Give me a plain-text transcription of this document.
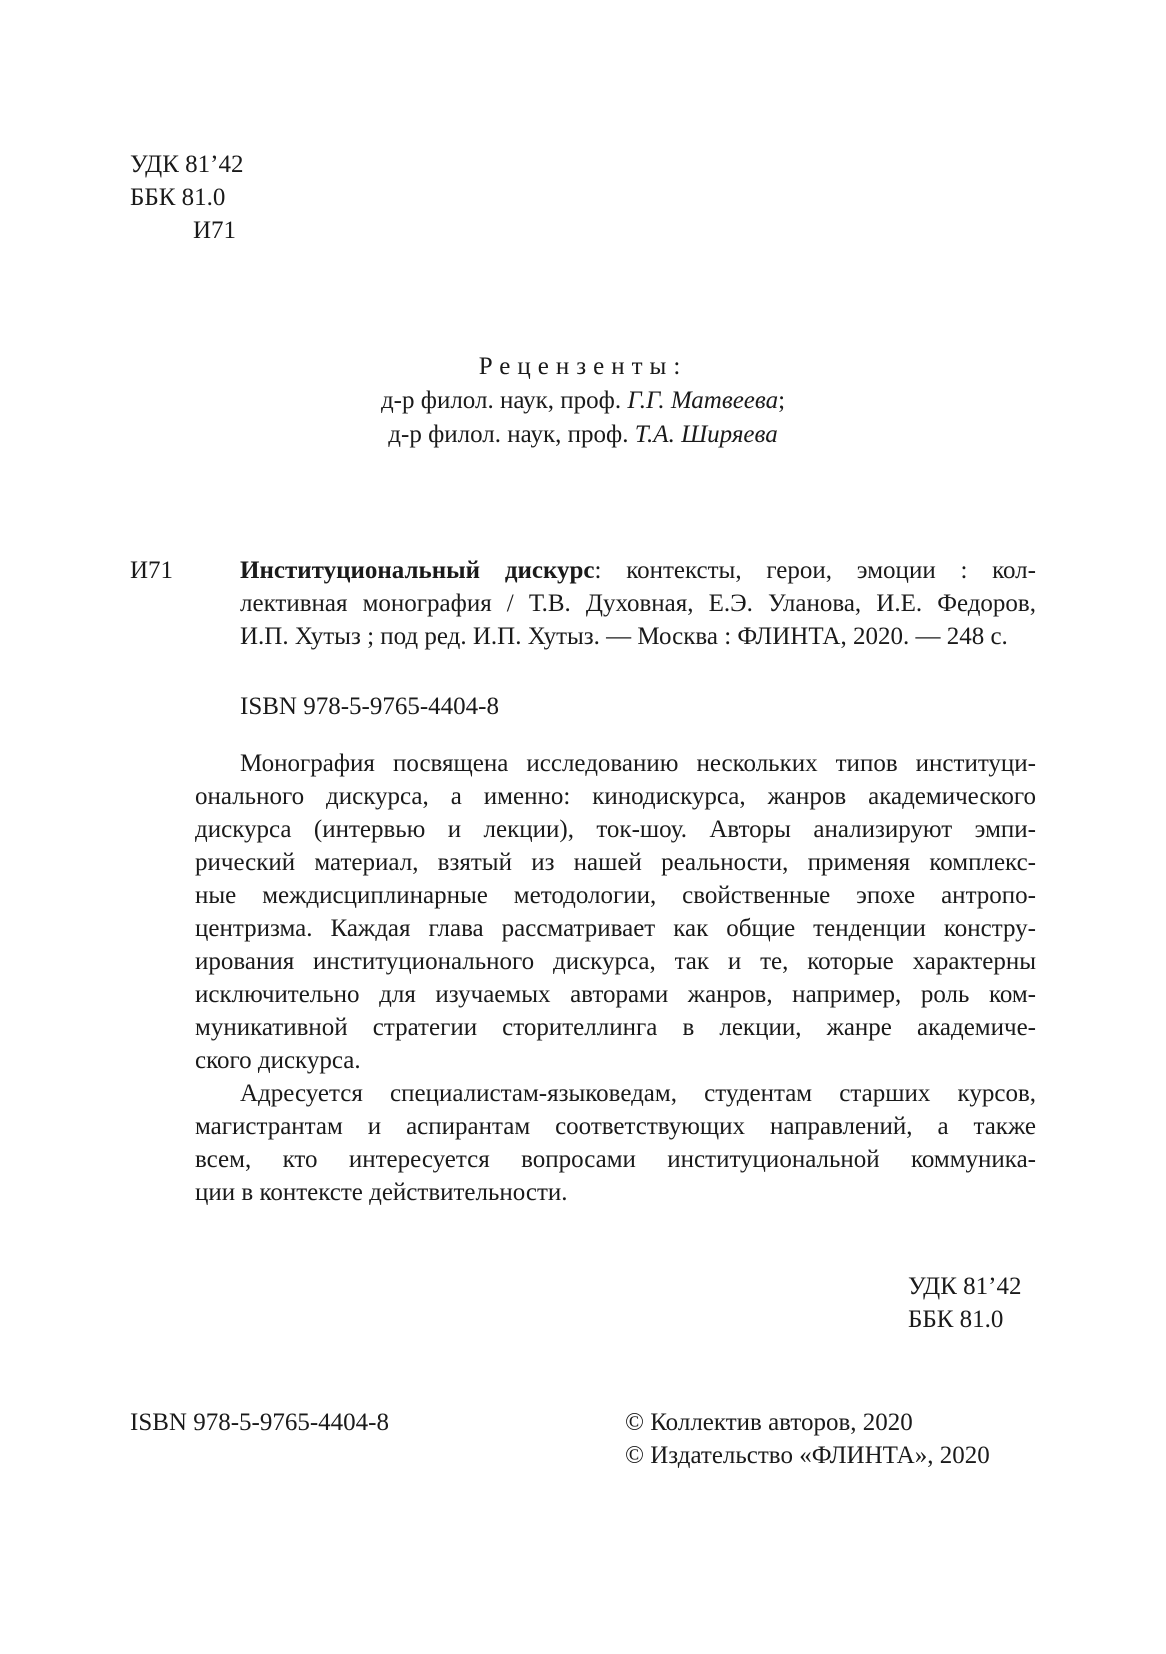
УДК 81’42
ББК 81.0
И71
Рецензенты:
д-р филол. наук, проф. Г.Г. Матвеева;
д-р филол. наук, проф. Т.А. Ширяева
И71	Институциональный дискурс: контексты, герои, эмоции : кол-
лективная монография / Т.В. Духовная, Е.Э. Уланова, И.Е. Федоров,
И.П. Хутыз ; под ред. И.П. Хутыз. — Москва : ФЛИНТА, 2020. — 248 с.
ISBN 978-5-9765-4404-8
Монография посвящена исследованию нескольких типов институци-
онального дискурса, а именно: кинодискурса, жанров академического
дискурса (интервью и лекции), ток-шоу. Авторы анализируют эмпи-
рический материал, взятый из нашей реальности, применяя комплекс-
ные междисциплинарные методологии, свойственные эпохе антропо-
центризма. Каждая глава рассматривает как общие тенденции констру-
ирования институционального дискурса, так и те, которые характерны
исключительно для изучаемых авторами жанров, например, роль ком-
муникативной стратегии сторителлинга в лекции, жанре академиче-
ского дискурса.
Адресуется специалистам-языковедам, студентам старших курсов,
магистрантам и аспирантам соответствующих направлений, а также
всем, кто интересуется вопросами институциональной коммуника-
ции в контексте действительности.
УДК 81’42
ББК 81.0
ISBN 978-5-9765-4404-8	© Коллектив авторов, 2020
© Издательство «ФЛИНТА», 2020
